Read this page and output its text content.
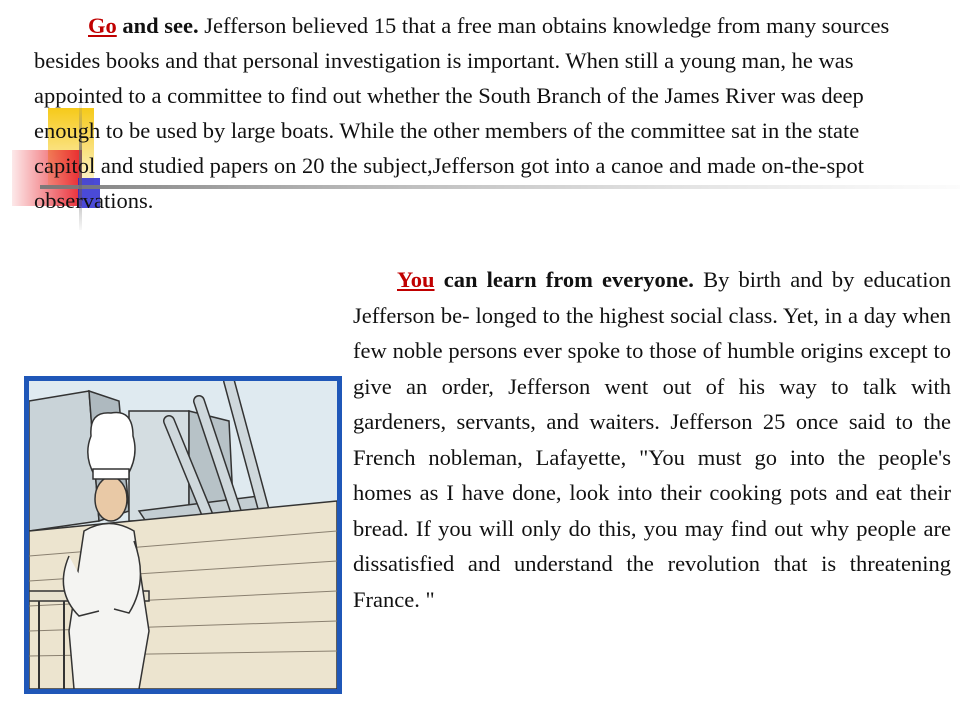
Go and see. Jefferson believed 15 that a free man obtains knowledge from many sources besides books and that personal investigation is important. When still a young man, he was appointed to a committee to find out whether the South Branch of the James River was deep enough to be used by large boats. While the other members of the committee sat in the state capitol and studied papers on 20 the subject,Jefferson got into a canoe and made on-the-spot observations.

You can learn from everyone. By birth and by education Jefferson be- longed to the highest social class. Yet, in a day when few noble persons ever spoke to those of humble origins except to give an order, Jefferson went out of his way to talk with gardeners, servants, and waiters. Jefferson 25 once said to the French nobleman, Lafayette, "You must go into the people's homes as I have done, look into their cooking pots and eat their bread. If you will only do this, you may find out why people are dissatisfied and understand the revolution that is threatening France. "
